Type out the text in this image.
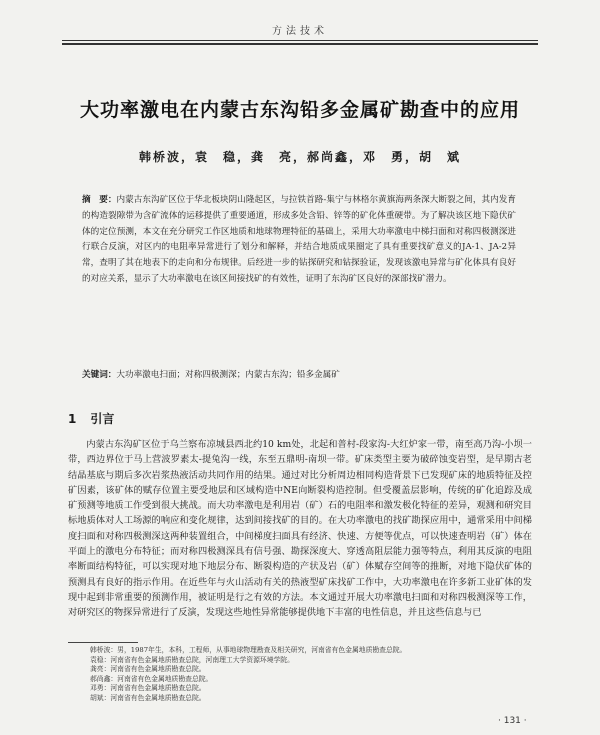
方法技术
大功率激电在内蒙古东沟铅多金属矿勘查中的应用
韩桥波，袁　稳，龚　亮，郝尚鑫，邓　勇，胡　斌
摘　要：内蒙古东沟矿区位于华北板块阴山隆起区，与拉铁首路-集宁与林格尔黄旗海两条深大断裂之间，其内发育的构造裂隙带为含矿流体的运移提供了重要通道，形成多处含铅、锌等的矿化体重硬带。为了解决该区地下隐伏矿体的定位预测，本文在充分研究工作区地质和地球物理特征的基础上，采用大功率激电中梯扫面和对称四极测深进行联合反演，对区内的电阻率异常进行了划分和解释，并结合地质成果圈定了具有重要找矿意义的JA-1、JA-2异常，查明了其在地表下的走向和分布规律。后经进一步的钻探研究和钻探验证，发现该激电异常与矿化体具有良好的对应关系，显示了大功率激电在该区间接找矿的有效性，证明了东沟矿区良好的深部找矿潜力。
关键词：大功率激电扫面；对称四极测深；内蒙古东沟；铅多金属矿
1 引言
内蒙古东沟矿区位于乌兰察布凉城县西北约10 km处，北起和普村-段家沟-大红炉家一带，南至高乃沟-小坝一带，西边界位于马上营波罗素太-提兔沟一线，东至五鼎明-南坝一带。矿床类型主要为破碎蚀变岩型，是早期古老结晶基底与期后多次岩浆热液活动共同作用的结果。通过对比分析周边相同构造背景下已发现矿床的地质特征及控矿因素，该矿体的赋存位置主要受地层和区域构造中NE向断裂构造控制。但受覆盖层影响，传统的矿化追踪及成矿预测等地质工作受到很大挑战。而大功率激电是利用岩（矿）石的电阻率和激发极化特征的差异，观测和研究目标地质体对人工场源的响应和变化规律，达到间接找矿的目的。在大功率激电的找矿勘探应用中，通常采用中间梯度扫面和对称四极测深这两种装置组合，中间梯度扫面具有经济、快速、方便等优点，可以快速查明岩（矿）体在平面上的激电分布特征；而对称四极测深具有信号强、勘探深度大、穿透高阻层能力强等特点，利用其反演的电阻率断面结构特征，可以实现对地下地层分布、断裂构造的产状及岩（矿）体赋存空间等的推断，对地下隐伏矿体的预测具有良好的指示作用。在近些年与火山活动有关的热液型矿床找矿工作中，大功率激电在许多新工业矿体的发现中起到非常重要的预测作用，被证明是行之有效的方法。本文通过开展大功率激电扫面和对称四极测深等工作，对研究区的物探异常进行了反演，发现这些地性异常能够提供地下丰富的电性信息，并且这些信息与已
韩桥波：男，1987年生，本科，工程师，从事地球物理勘查及相关研究，河南省有色金属地质勘查总院。
袁稳：河南省有色金属地质勘查总院，河南理工大学资源环境学院。
龚亮：河南省有色金属地质勘查总院。
郝尚鑫：河南省有色金属地质勘查总院。
邓勇：河南省有色金属地质勘查总院。
胡斌：河南省有色金属地质勘查总院。
· 131 ·
